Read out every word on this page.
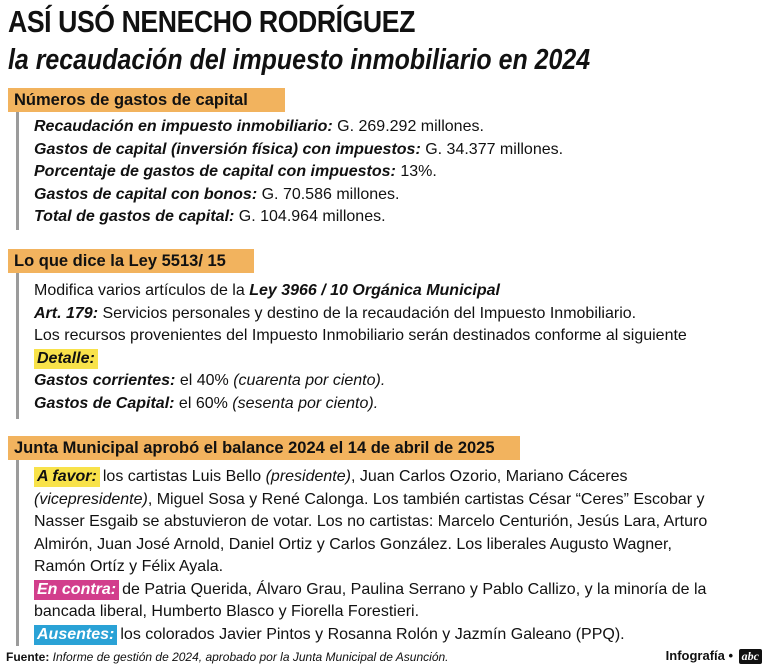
ASÍ USÓ NENECHO RODRÍGUEZ
la recaudación del impuesto inmobiliario en 2024
Números de gastos de capital
Recaudación en impuesto inmobiliario: G. 269.292 millones.
Gastos de capital (inversión física) con impuestos: G. 34.377 millones.
Porcentaje de gastos de capital con impuestos: 13%.
Gastos de capital con bonos: G. 70.586 millones.
Total de gastos de capital: G. 104.964 millones.
Lo que dice la Ley 5513/ 15
Modifica varios artículos de la Ley 3966 / 10 Orgánica Municipal
Art. 179: Servicios personales y destino de la recaudación del Impuesto Inmobiliario.
Los recursos provenientes del Impuesto Inmobiliario serán destinados conforme al siguiente
Detalle:
Gastos corrientes: el 40% (cuarenta por ciento).
Gastos de Capital: el 60% (sesenta por ciento).
Junta Municipal aprobó el balance 2024 el 14 de abril de 2025
A favor: los cartistas Luis Bello (presidente), Juan Carlos Ozorio, Mariano Cáceres
(vicepresidente), Miguel Sosa y René Calonga. Los también cartistas César “Ceres” Escobar y
Nasser Esgaib se abstuvieron de votar. Los no cartistas: Marcelo Centurión, Jesús Lara, Arturo
Almirón, Juan José Arnold, Daniel Ortiz y Carlos González. Los liberales Augusto Wagner,
Ramón Ortíz y Félix Ayala.
En contra: de Patria Querida, Álvaro Grau, Paulina Serrano y Pablo Callizo, y la minoría de la
bancada liberal, Humberto Blasco y Fiorella Forestieri.
Ausentes: los colorados Javier Pintos y Rosanna Rolón y Jazmín Galeano (PPQ).
Fuente: Informe de gestión de 2024, aprobado por la Junta Municipal de Asunción.	Infografía • abc
